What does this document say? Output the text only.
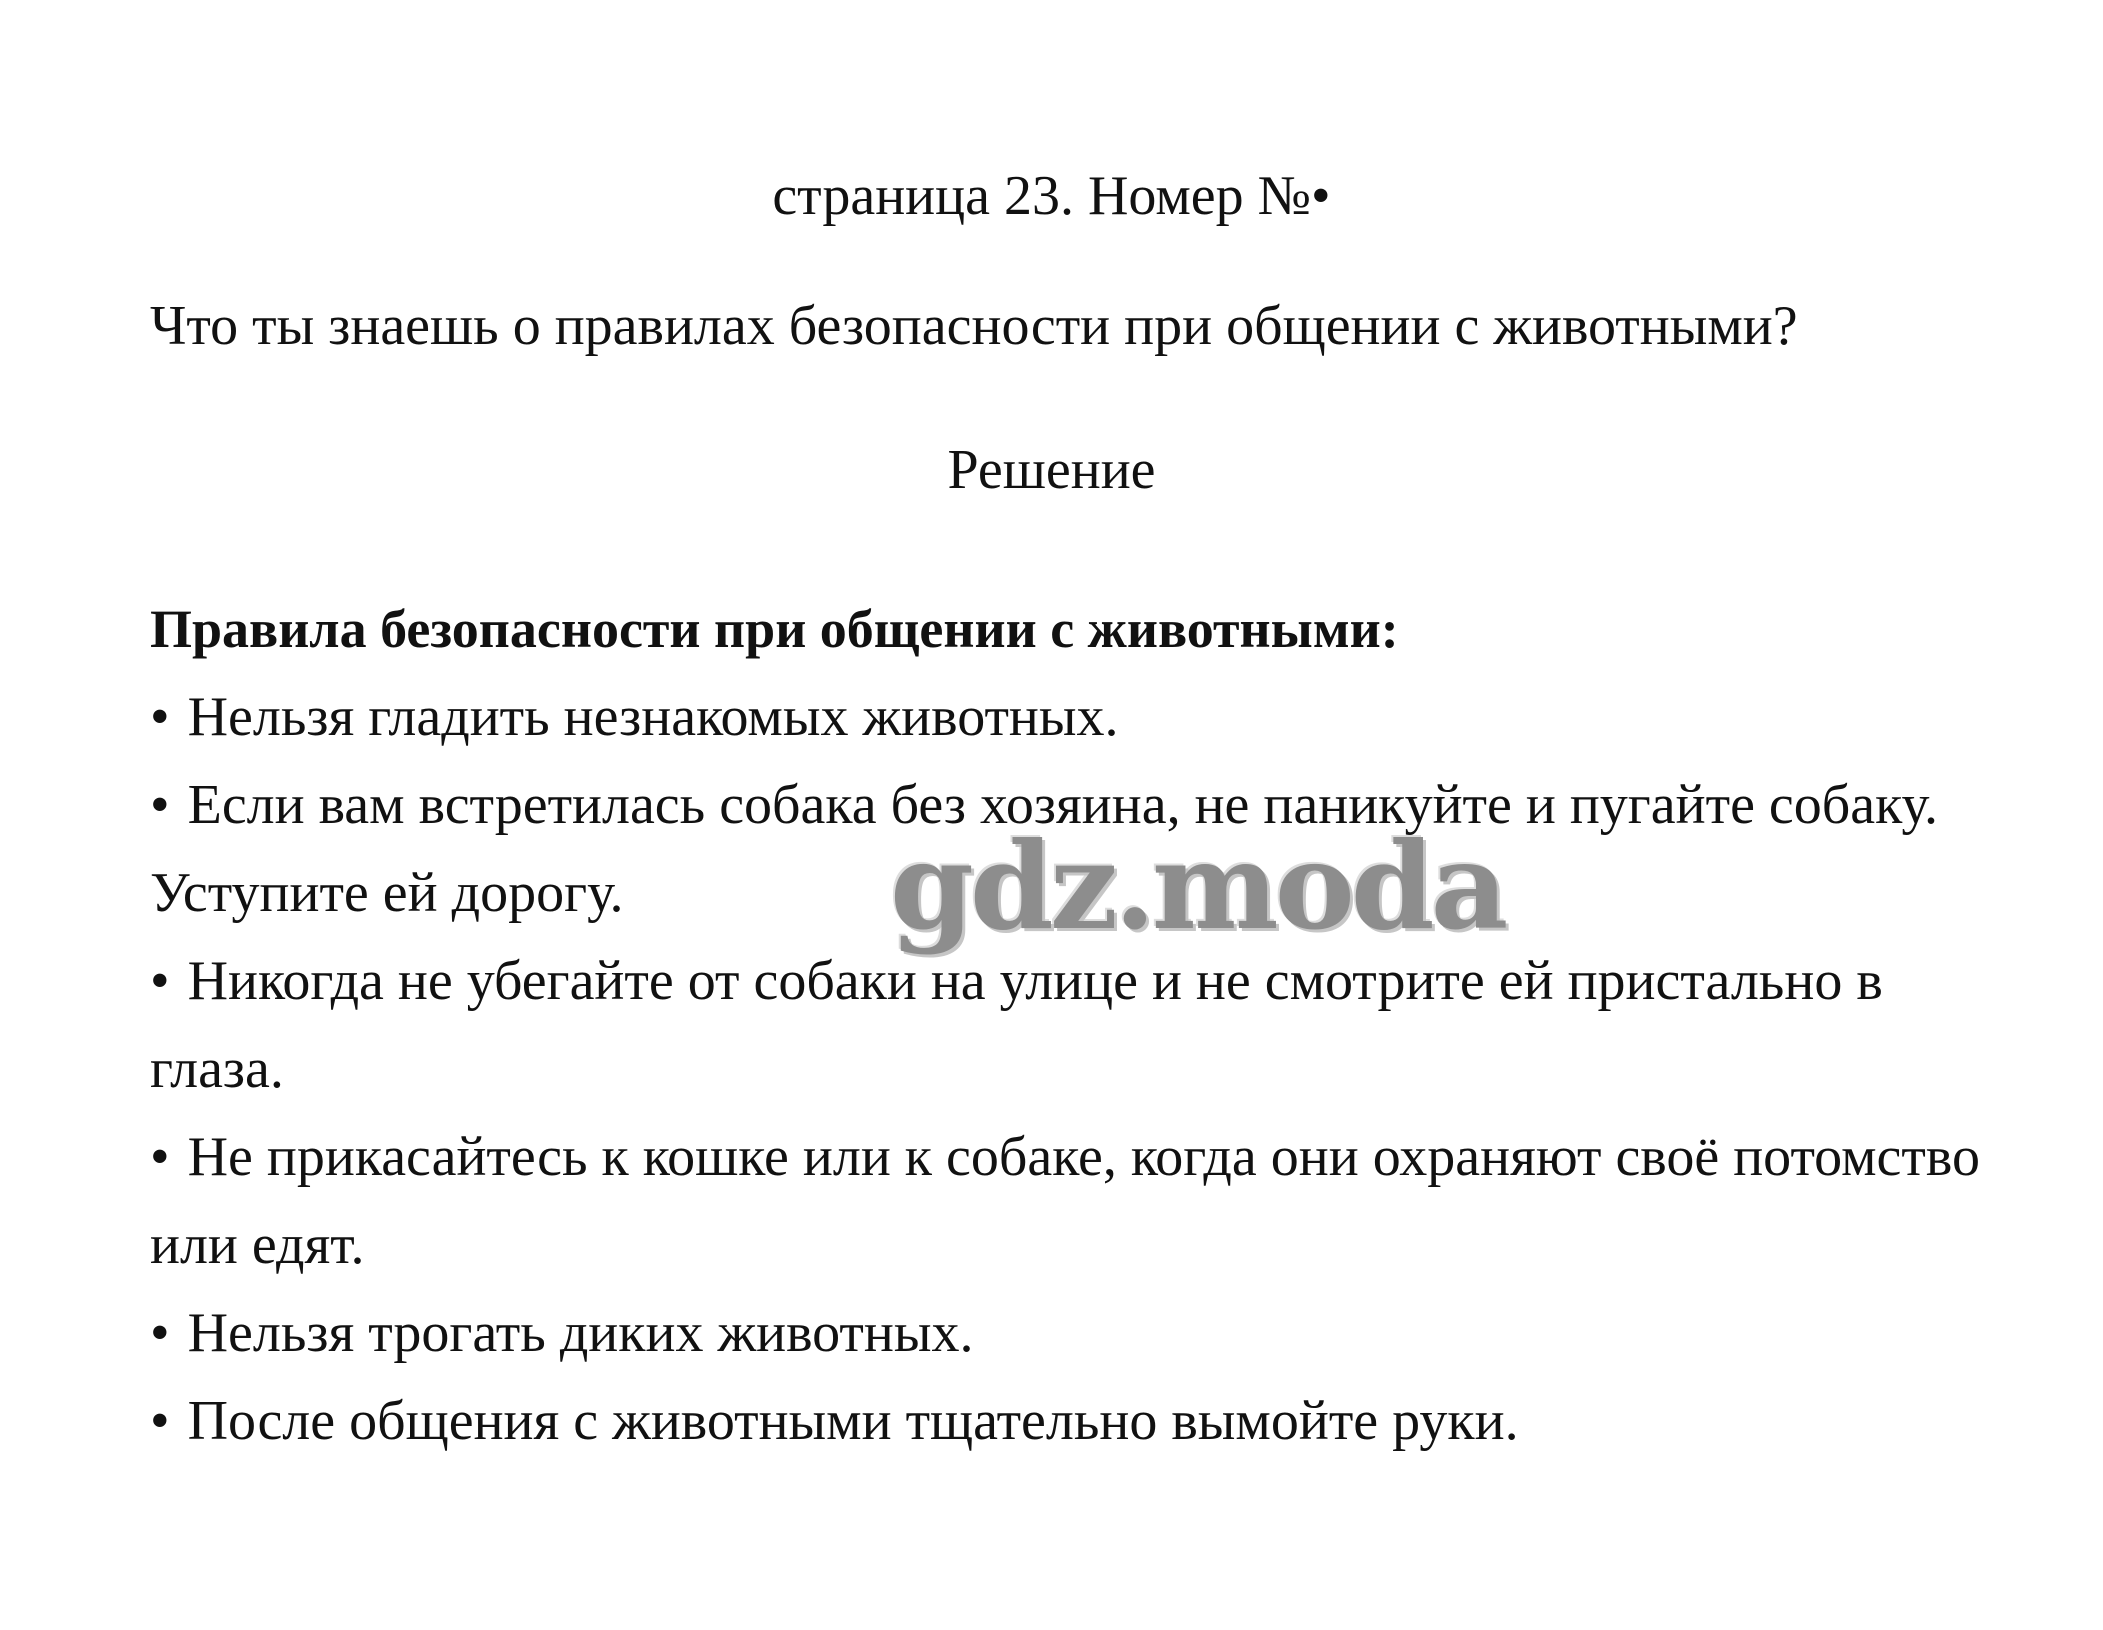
страница 23. Номер №•
Что ты знаешь о правилах безопасности при общении с животными?
Решение
Правила безопасности при общении с животными:
• Нельзя гладить незнакомых животных.
• Если вам встретилась собака без хозяина, не паникуйте и пугайте собаку. Уступите ей дорогу.
• Никогда не убегайте от собаки на улице и не смотрите ей пристально в глаза.
• Не прикасайтесь к кошке или к собаке, когда они охраняют своё потомство или едят.
• Нельзя трогать диких животных.
• После общения с животными тщательно вымойте руки.
gdz.moda
